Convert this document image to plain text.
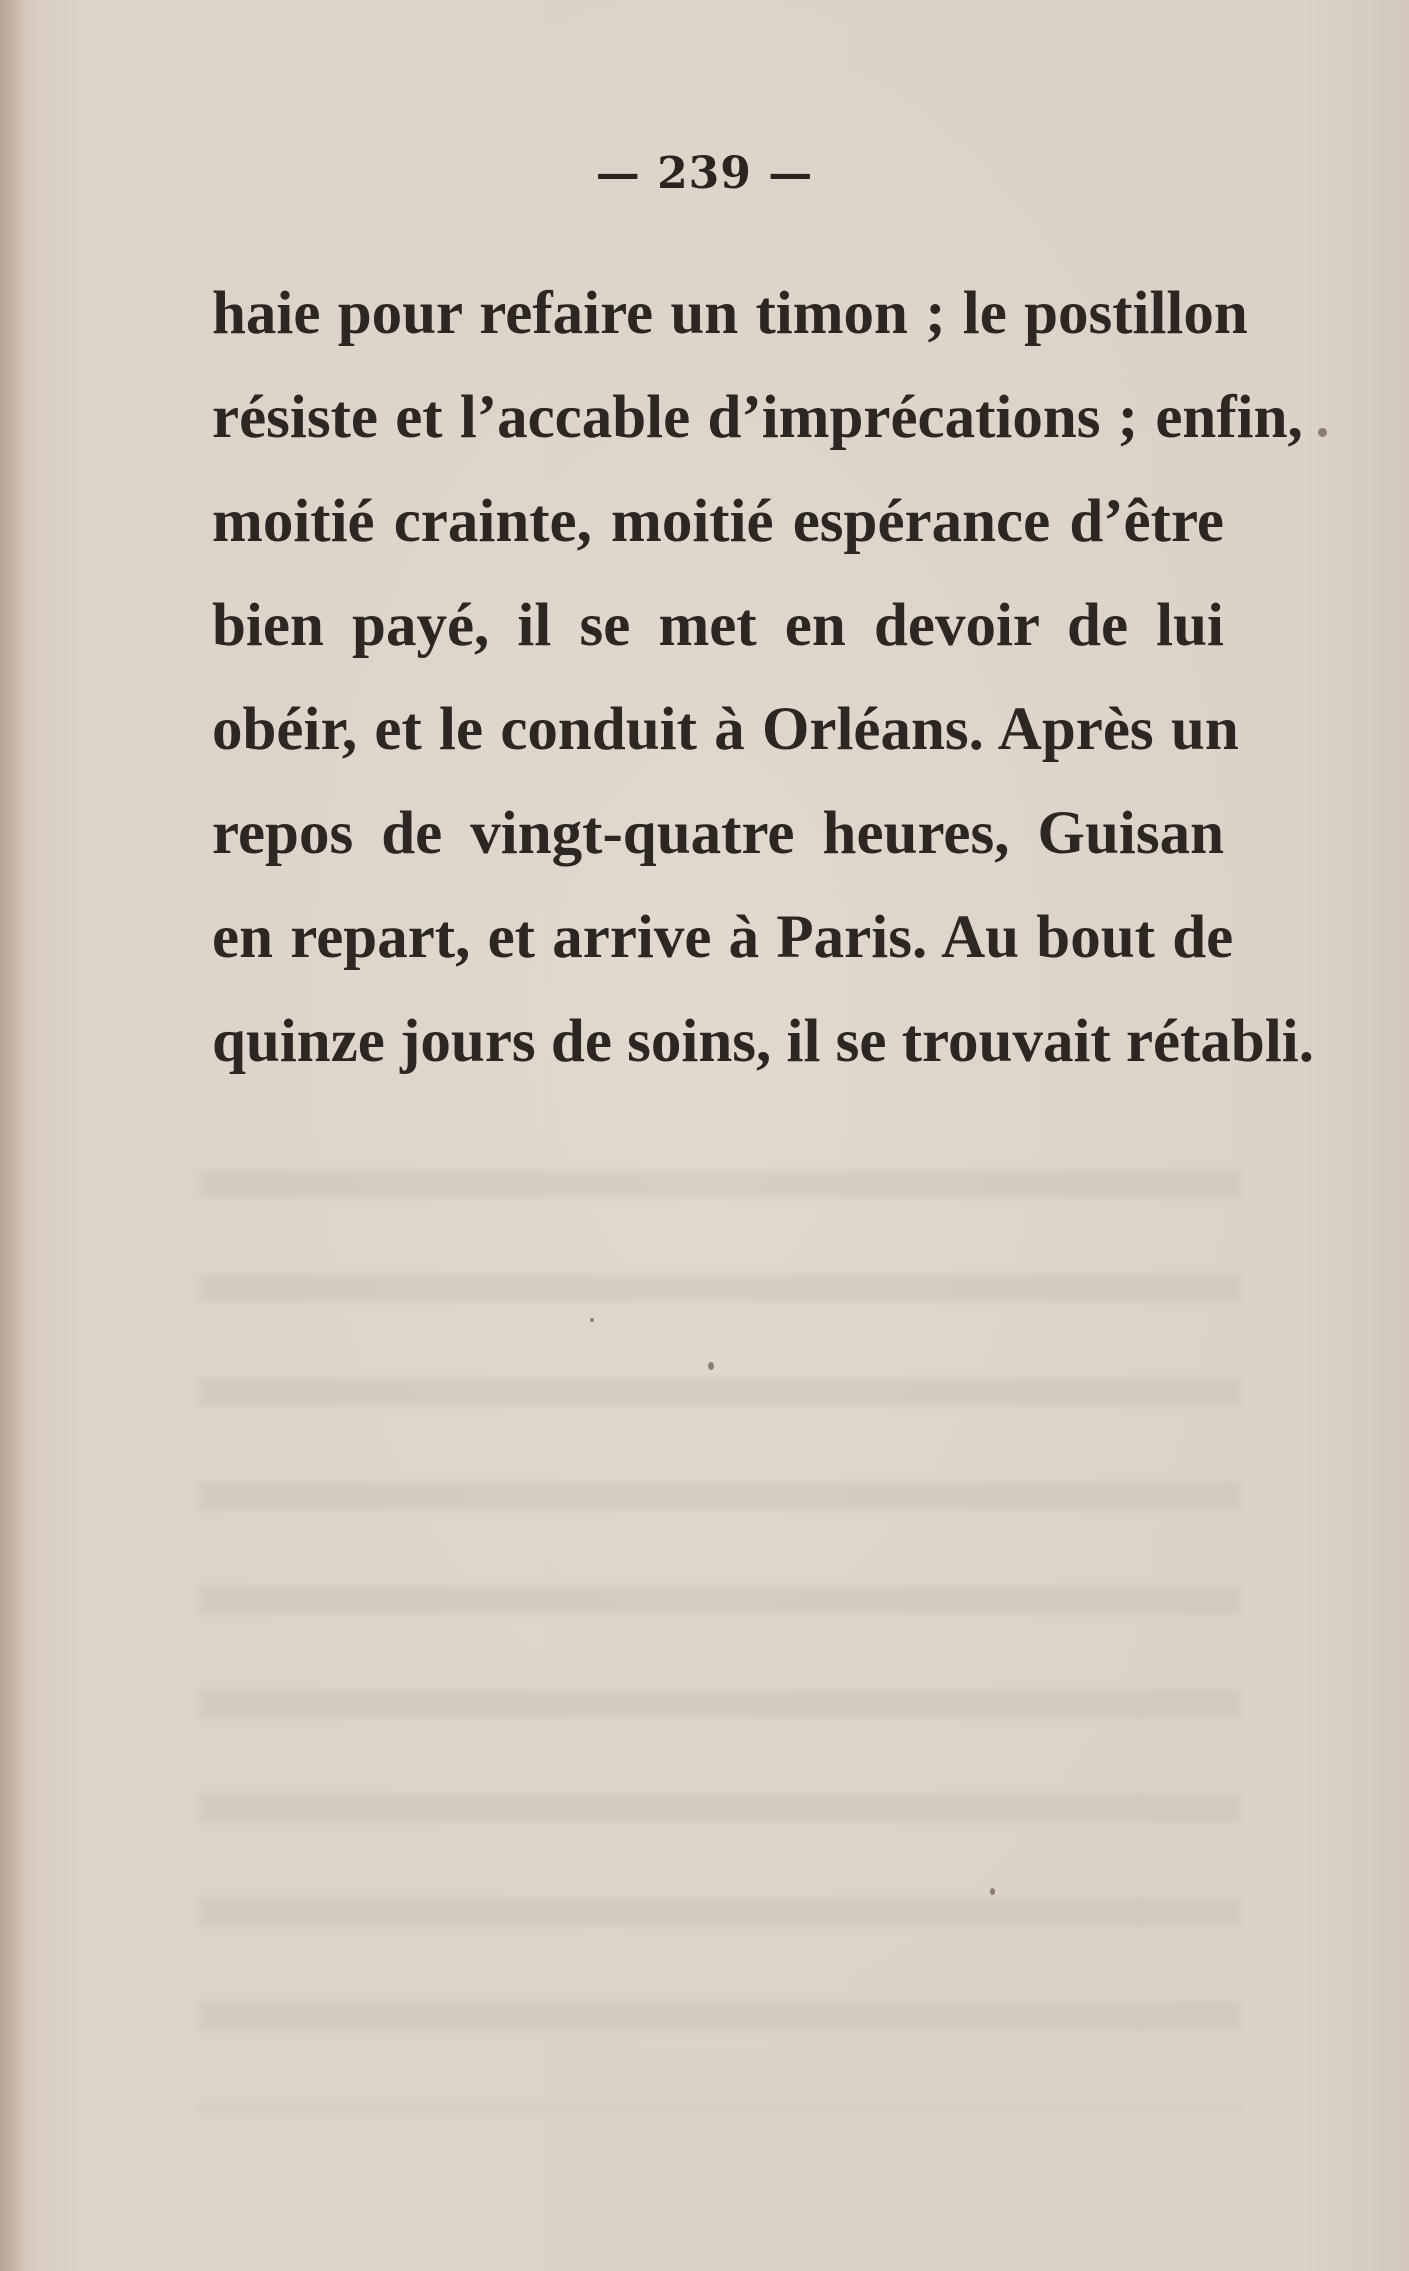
— 239 —
haie pour refaire un timon ; le postillon
résiste et l’accable d’imprécations ; enfin,
moitié crainte, moitié espérance d’être
bien payé, il se met en devoir de lui
obéir, et le conduit à Orléans. Après un
repos de vingt-quatre heures, Guisan
en repart, et arrive à Paris. Au bout de
quinze jours de soins, il se trouvait rétabli.
